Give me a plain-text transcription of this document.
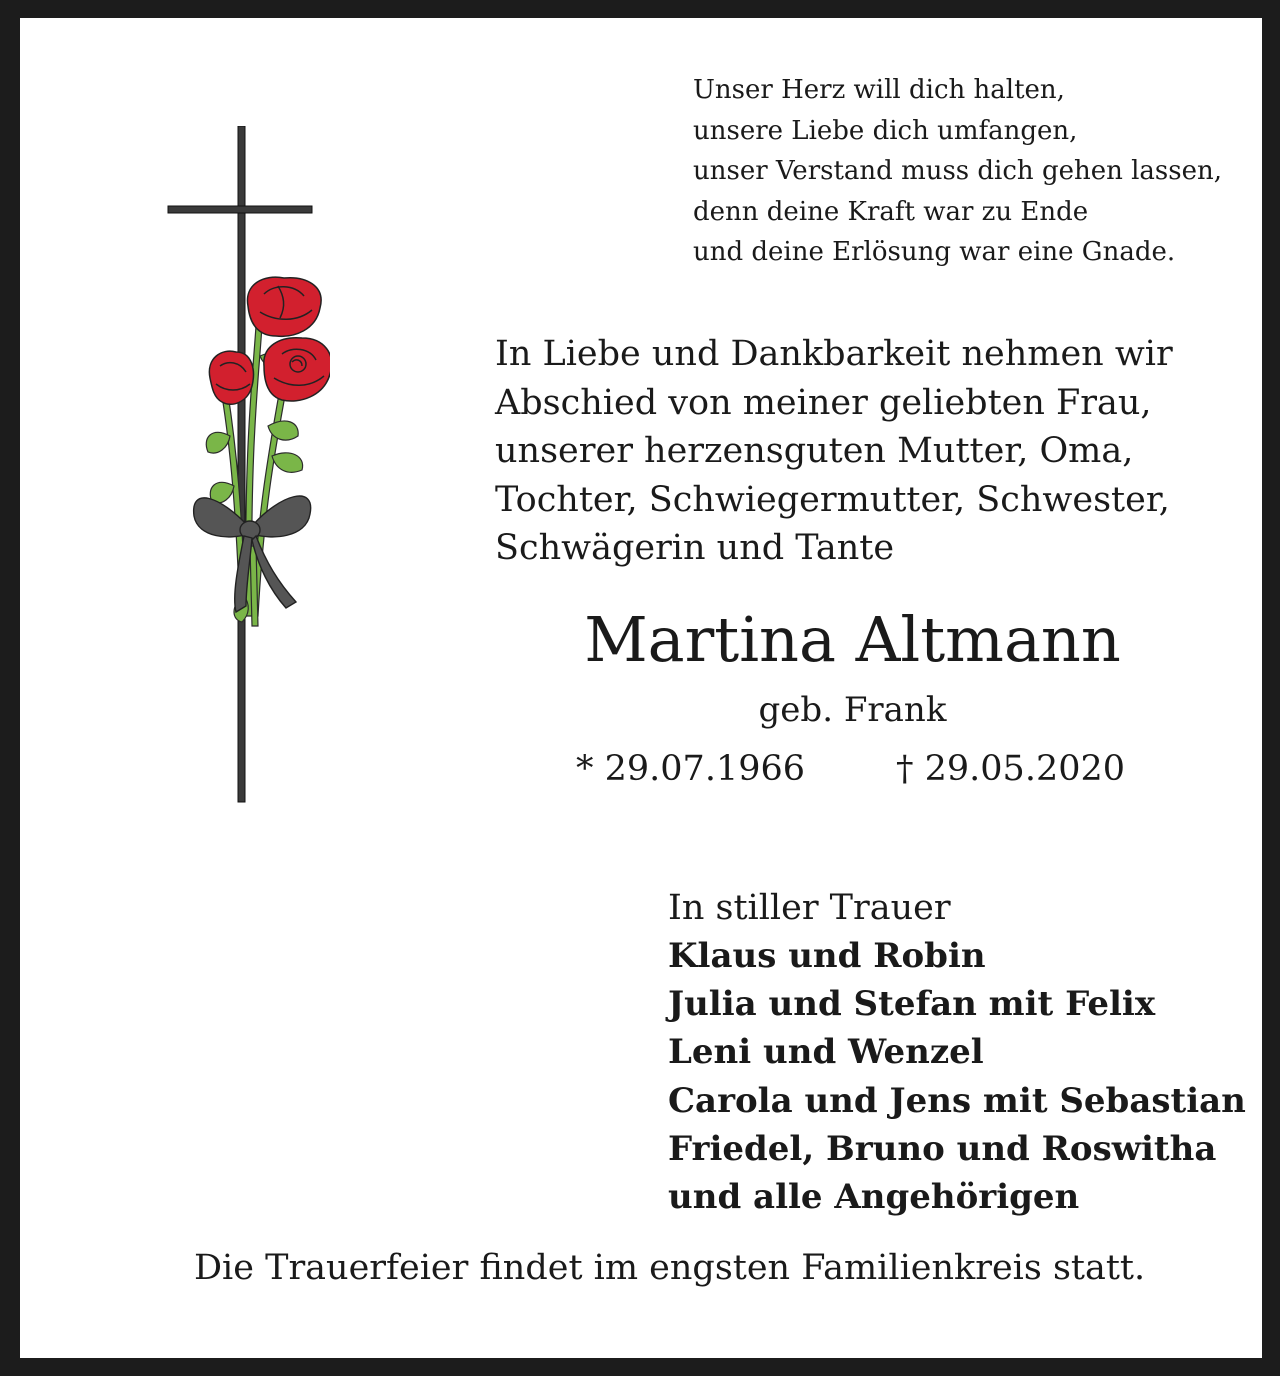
Unser Herz will dich halten,
unsere Liebe dich umfangen,
unser Verstand muss dich gehen lassen,
denn deine Kraft war zu Ende
und deine Erlösung war eine Gnade.
In Liebe und Dankbarkeit nehmen wir
Abschied von meiner geliebten Frau,
unserer herzensguten Mutter, Oma,
Tochter, Schwiegermutter, Schwester,
Schwägerin und Tante
Martina Altmann
geb. Frank
* 29.07.1966	† 29.05.2020
In stiller Trauer
Klaus und Robin
Julia und Stefan mit Felix
Leni und Wenzel
Carola und Jens mit Sebastian
Friedel, Bruno und Roswitha
und alle Angehörigen
Die Trauerfeier findet im engsten Familienkreis statt.
